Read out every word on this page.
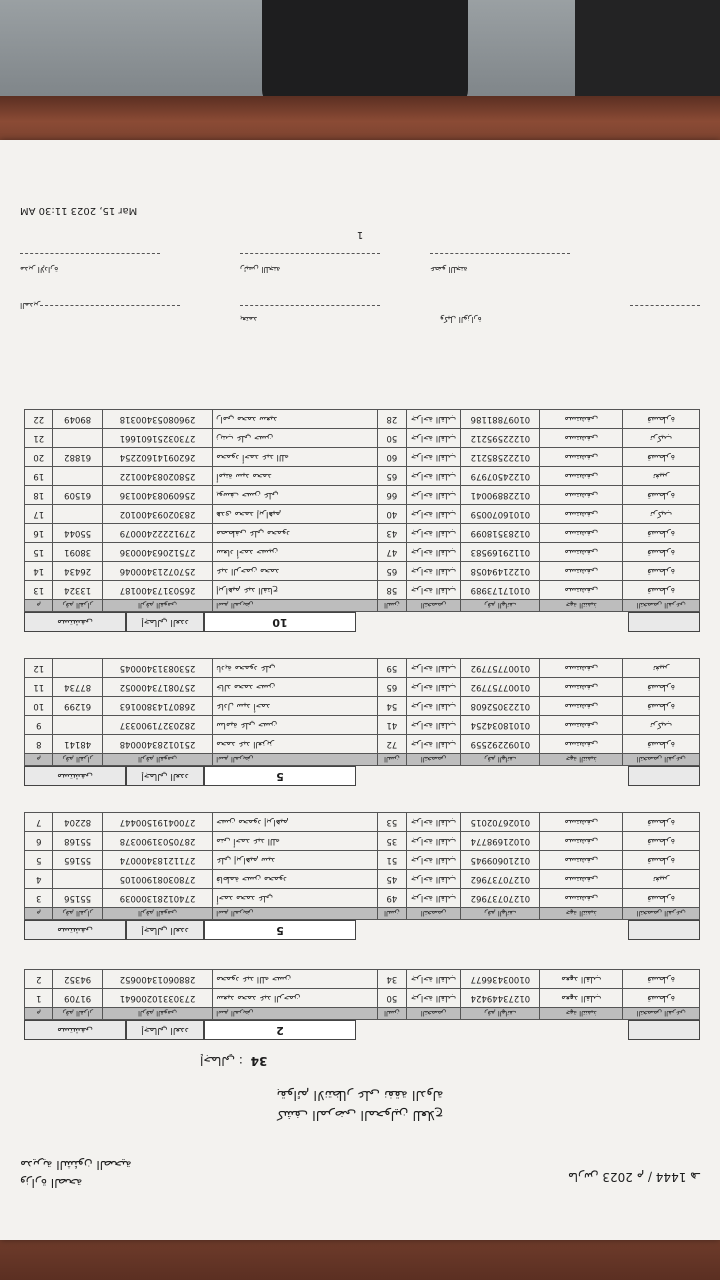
وزارة الصحة
مديرية الشئون الصحية
مارس 2023 م / 1444 هـ
كشف المرضى المحولين للعلاج
بقوائم الانتظار على نفقة الدولة
34 : إجمالي
مستشفى	إجمالي العدد	2
التخصص الفرعي	جهة التنفيذ	رقم الهاتف	التخصص	السن	اسم المريض	الرقم القومي	رقم القرار	م
قسطرة	معهد القلب	01273449424	جراحة القلب	50	سعيد محمد عبد الرحمن	27303310200641	91709	1
قسطرة	معهد القلب	01003436677	جراحة القلب	34	محمود عبد الله حسن	28806013400652	94352	2
مستشفى	إجمالي العدد	5
التخصص الفرعي	جهة التنفيذ	رقم الهاتف	التخصص	السن	اسم المريض	الرقم القومي	رقم القرار	م
قسطرة	مستشفى	01270737962	جراحة القلب	49	أحمد محمد علي	27401281300039	55156	3
تغيير	مستشفى	01270737962	جراحة القلب	45	فاطمة حسن محمود	27803081900105		4
قسطرة	مستشفى	01210609945	جراحة القلب	51	علي إبراهيم سيد	27112183400074	55165	5
قسطرة	مستشفى	01021698774	جراحة القلب	35	منى أحمد عبد الله	28705031900378	55168	6
قسطرة	مستشفى	01026702015	جراحة القلب	53	حسن محمود إبراهيم	27004191500447	82204	7
مستشفى	إجمالي العدد	5
التخصص الفرعي	جهة التنفيذ	رقم الهاتف	التخصص	السن	اسم المريض	الرقم القومي	رقم القرار	م
قسطرة	مستشفى	01092292559	جراحة القلب	72	محمد عبد العزيز	25101283400048	48141	8
تركيب	مستشفى	01018034254	جراحة القلب	41	سامية علي حسن	28203271900337		9
قسطرة	مستشفى	01223052608	جراحة القلب	54	عادل سيد أحمد	26807143800163	61299	10
قسطرة	مستشفى	01007757792	جراحة القلب	65	خالد محمد حسن	25708173400052	87734	11
تغيير	مستشفى	01007757792	جراحة القلب	59	نادية محمود علي	25308313400045		12
مستشفى	إجمالي العدد	10
التخصص الفرعي	جهة التنفيذ	رقم الهاتف	التخصص	السن	اسم المريض	الرقم القومي	رقم القرار	م
قسطرة	مستشفى	01017173989	جراحة القلب	58	إبراهيم عبد الفتاح	26503173400187	13324	13
قسطرة	مستشفى	01221494058	جراحة القلب	65	عبد الرحمن محمد	25707213400046	26434	14
قسطرة	مستشفى	01129169583	جراحة القلب	47	سعاد أحمد حسين	27512063400036	38091	15
قسطرة	مستشفى	01283518099	جراحة القلب	43	مصطفى علي محمود	27912222400079	55044	16
تركيب	مستشفى	01016070059	جراحة القلب	40	هدى محمد إبراهيم	28302093400102		17
قسطرة	مستشفى	01228890041	جراحة القلب	66	يوسف حسن علي	25609083400136	61509	18
تغيير	مستشفى	01224507979	جراحة القلب	65	أمينة سيد محمد	25802083400122		19
قسطرة	مستشفى	01222585212	جراحة القلب	60	محمود أحمد عبد الله	26209141602254	61882	20
تركيب	مستشفى	01222595212	جراحة القلب	50	زينب علي حسن	27303251601661		21
قسطرة	مستشفى	01097881186	جراحة القلب	28	رامي محمد سعيد	29608053400318	89049	22
المدير
رئيس اللجنة
مدير الإدارة	عضو اللجنة
يعتمد	وكيل الوزارة
1
Mar 15, 2023 11:30 AM
